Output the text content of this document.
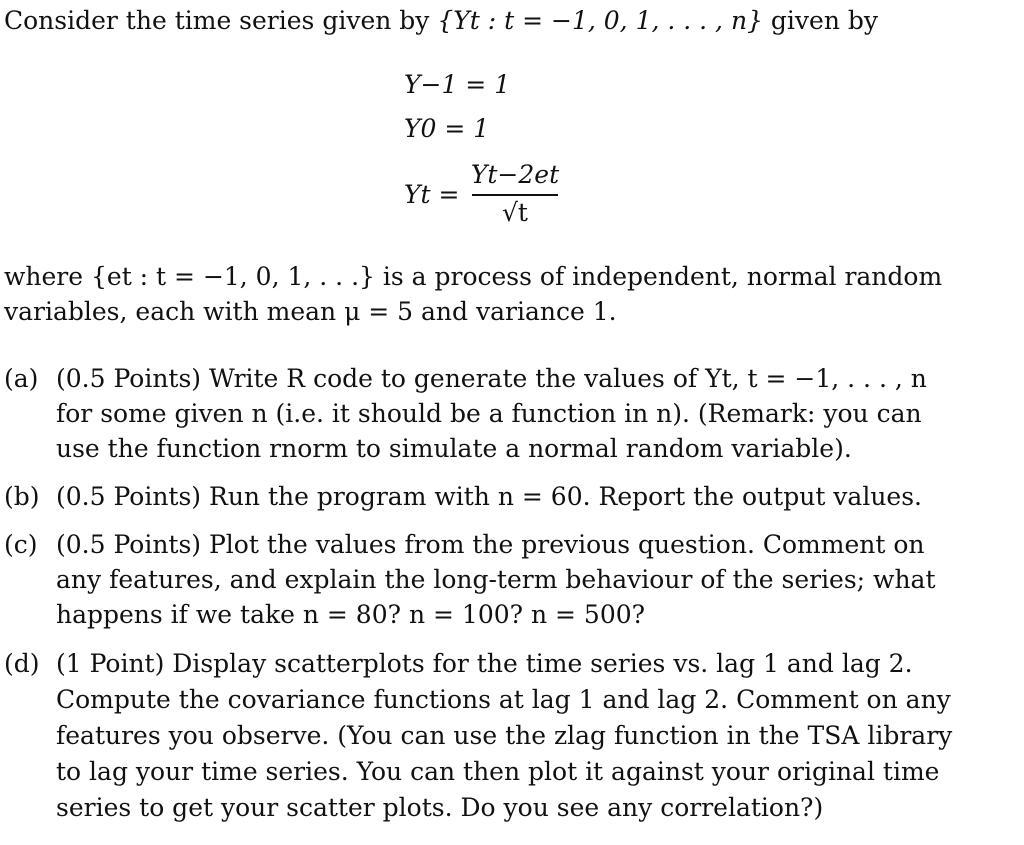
Consider the time series given by {Yt : t = −1, 0, 1, . . . , n} given by
Y−1 = 1
Y0 = 1
Yt =
Yt−2et
√t
where {et : t = −1, 0, 1, . . .} is a process of independent, normal random
variables, each with mean μ = 5 and variance 1.
(a) (0.5 Points) Write R code to generate the values of Yt, t = −1, . . . , n
for some given n (i.e. it should be a function in n). (Remark: you can
use the function rnorm to simulate a normal random variable).
(b) (0.5 Points) Run the program with n = 60. Report the output values.
(c) (0.5 Points) Plot the values from the previous question. Comment on
any features, and explain the long-term behaviour of the series; what
happens if we take n = 80? n = 100? n = 500?
(d) (1 Point) Display scatterplots for the time series vs. lag 1 and lag 2.
Compute the covariance functions at lag 1 and lag 2. Comment on any
features you observe. (You can use the zlag function in the TSA library
to lag your time series. You can then plot it against your original time
series to get your scatter plots. Do you see any correlation?)
